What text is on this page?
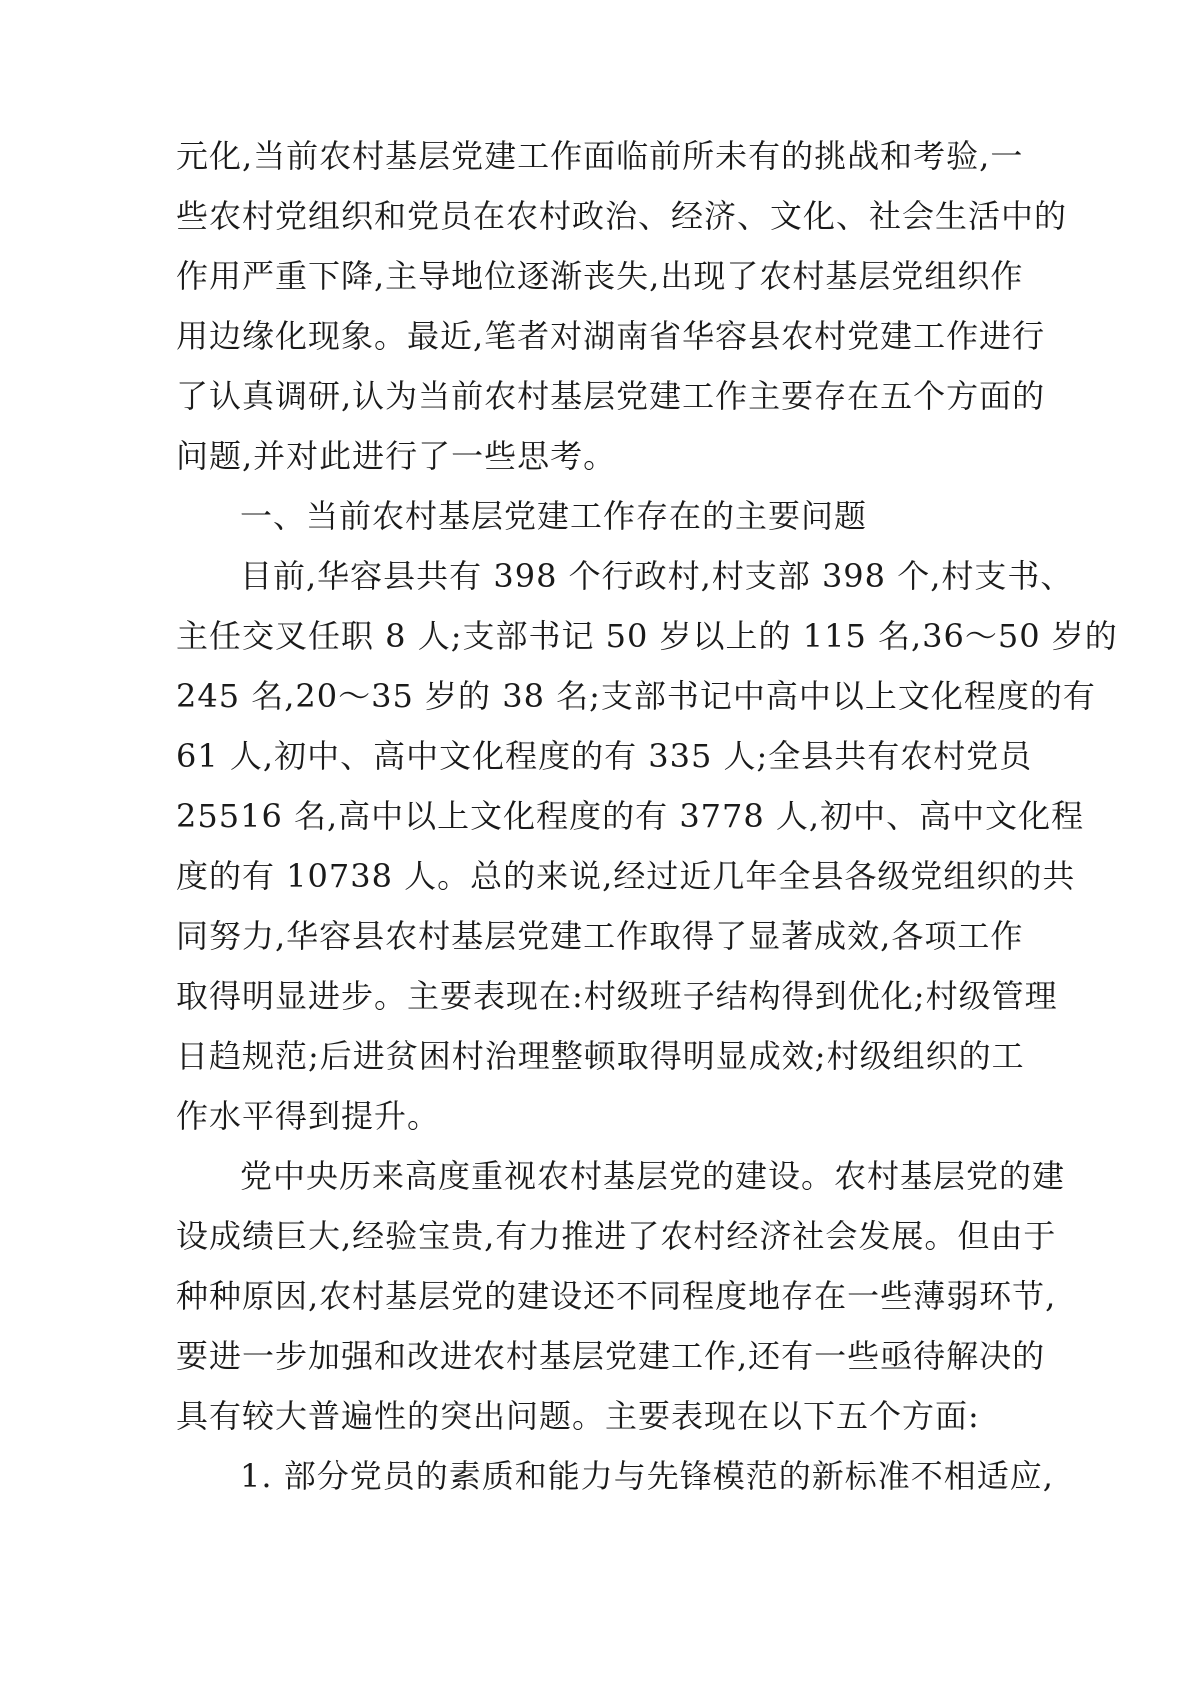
元化,当前农村基层党建工作面临前所未有的挑战和考验,一
些农村党组织和党员在农村政治、经济、文化、社会生活中的
作用严重下降,主导地位逐渐丧失,出现了农村基层党组织作
用边缘化现象。最近,笔者对湖南省华容县农村党建工作进行
了认真调研,认为当前农村基层党建工作主要存在五个方面的
问题,并对此进行了一些思考。
一、当前农村基层党建工作存在的主要问题
目前,华容县共有 398 个行政村,村支部 398 个,村支书、
主任交叉任职 8 人;支部书记 50 岁以上的 115 名,36～50 岁的
245 名,20～35 岁的 38 名;支部书记中高中以上文化程度的有
61 人,初中、高中文化程度的有 335 人;全县共有农村党员
25516 名,高中以上文化程度的有 3778 人,初中、高中文化程
度的有 10738 人。总的来说,经过近几年全县各级党组织的共
同努力,华容县农村基层党建工作取得了显著成效,各项工作
取得明显进步。主要表现在:村级班子结构得到优化;村级管理
日趋规范;后进贫困村治理整顿取得明显成效;村级组织的工
作水平得到提升。
党中央历来高度重视农村基层党的建设。农村基层党的建
设成绩巨大,经验宝贵,有力推进了农村经济社会发展。但由于
种种原因,农村基层党的建设还不同程度地存在一些薄弱环节,
要进一步加强和改进农村基层党建工作,还有一些亟待解决的
具有较大普遍性的突出问题。主要表现在以下五个方面:
1. 部分党员的素质和能力与先锋模范的新标准不相适应,
